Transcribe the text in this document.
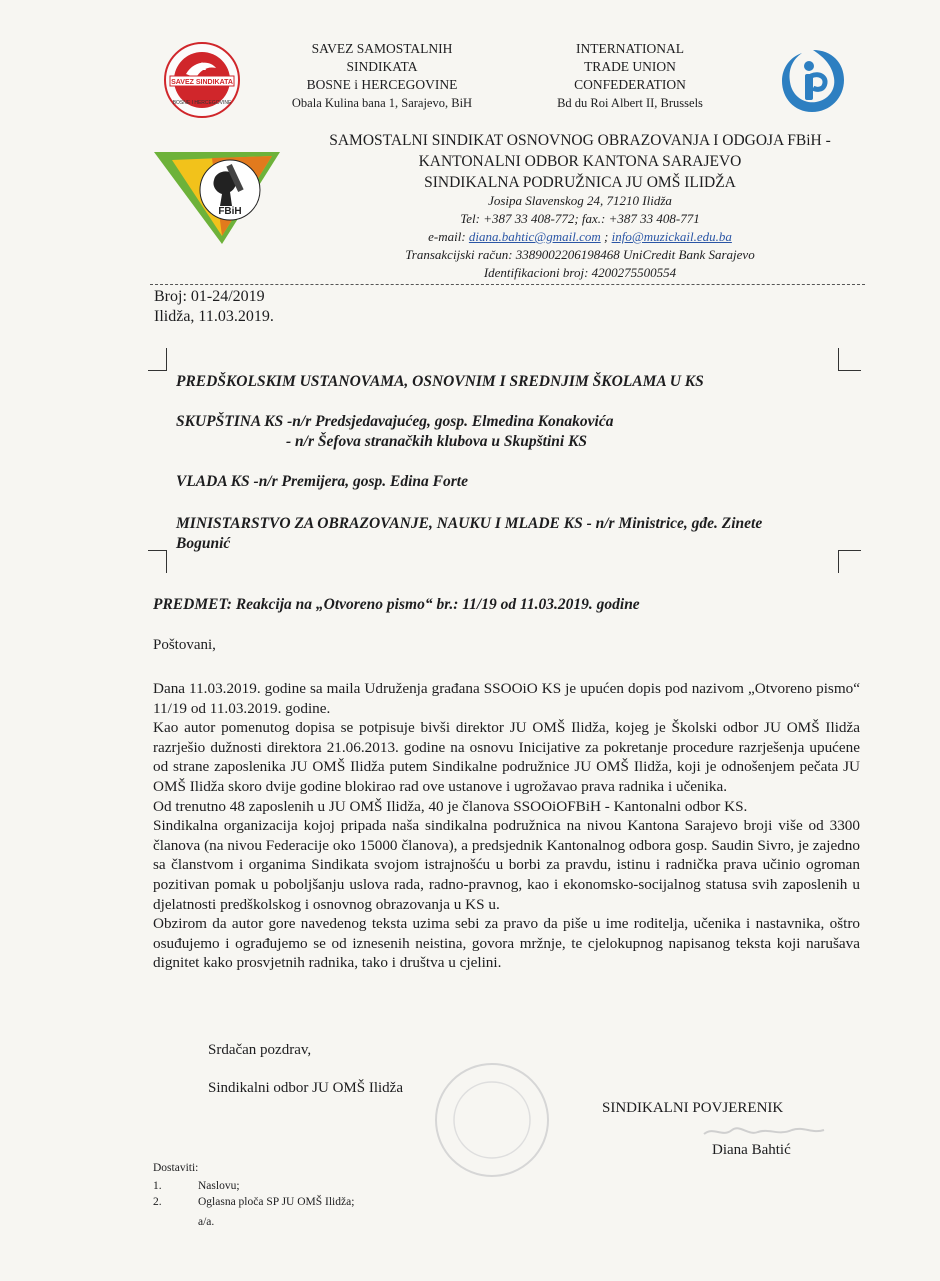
SAVEZ SINDIKATA
BOSNE I HERCEGOVINE
SAVEZ SAMOSTALNIH
SINDIKATA
BOSNE i HERCEGOVINE
Obala Kulina bana 1, Sarajevo, BiH
INTERNATIONAL
TRADE UNION
CONFEDERATION
Bd du Roi Albert II, Brussels
FBiH
SAMOSTALNI SINDIKAT OSNOVNOG OBRAZOVANJA I ODGOJA FBiH -
KANTONALNI ODBOR KANTONA SARAJEVO
SINDIKALNA PODRUŽNICA JU OMŠ ILIDŽA
Josipa Slavenskog 24, 71210 Ilidža
Tel: +387 33 408-772; fax.: +387 33 408-771
e-mail: diana.bahtic@gmail.com ; info@muzickail.edu.ba
Transakcijski račun: 3389002206198468 UniCredit Bank Sarajevo
Identifikacioni broj: 4200275500554
Broj: 01-24/2019
Ilidža, 11.03.2019.
PREDŠKOLSKIM USTANOVAMA, OSNOVNIM I SREDNJIM ŠKOLAMA U KS
SKUPŠTINA KS -n/r Predsjedavajućeg, gosp. Elmedina Konakovića
- n/r Šefova stranačkih klubova u Skupštini KS
VLADA KS -n/r Premijera, gosp. Edina Forte
MINISTARSTVO ZA OBRAZOVANJE, NAUKU I MLADE KS - n/r Ministrice, gđe. Zinete
Bogunić
PREDMET: Reakcija na „Otvoreno pismo“ br.: 11/19 od 11.03.2019. godine
Poštovani,

Dana 11.03.2019. godine sa maila Udruženja građana SSOOiO KS je upućen dopis pod nazivom „Otvoreno pismo“ 11/19 od 11.03.2019. godine.

Kao autor pomenutog dopisa se potpisuje bivši direktor JU OMŠ Ilidža, kojeg je Školski odbor JU OMŠ Ilidža razrješio dužnosti direktora 21.06.2013. godine na osnovu Inicijative za pokretanje procedure razrješenja upućene od strane zaposlenika JU OMŠ Ilidža putem Sindikalne podružnice JU OMŠ Ilidža, koji je odnošenjem pečata JU OMŠ Ilidža skoro dvije godine blokirao rad ove ustanove i ugrožavao prava radnika i učenika.

Od trenutno 48 zaposlenih u JU OMŠ Ilidža, 40 je članova SSOOiOFBiH - Kantonalni odbor KS.

Sindikalna organizacija kojoj pripada naša sindikalna podružnica na nivou Kantona Sarajevo broji više od 3300 članova (na nivou Federacije oko 15000 članova), a predsjednik Kantonalnog odbora gosp. Saudin Sivro, je zajedno sa članstvom i organima Sindikata svojom istrajnošću u borbi za pravdu, istinu i radnička prava učinio ogroman pozitivan pomak u poboljšanju uslova rada, radno-pravnog, kao i ekonomsko-socijalnog statusa svih zaposlenih u djelatnosti predškolskog i osnovnog obrazovanja u KS u.

Obzirom da autor gore navedenog teksta uzima sebi za pravo da piše u ime roditelja, učenika i nastavnika, oštro osuđujemo i ograđujemo se od iznesenih neistina, govora mržnje, te cjelokupnog napisanog teksta koji narušava dignitet kako prosvjetnih radnika, tako i društva u cjelini.

Srdačan pozdrav,
Sindikalni odbor JU OMŠ Ilidža
SINDIKALNI POVJERENIK
Diana Bahtić
Dostaviti:
1.	Naslovu;
2.	Oglasna ploča SP JU OMŠ Ilidža;
a/a.
